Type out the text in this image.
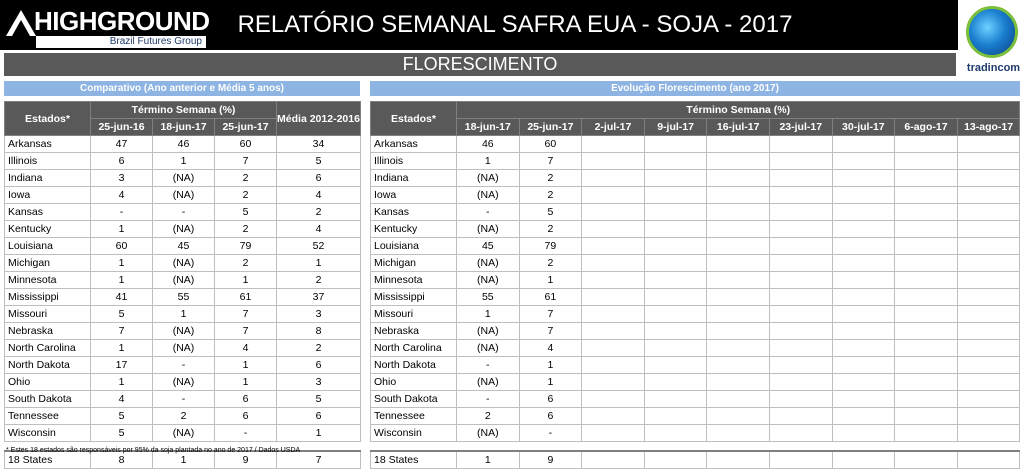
HIGHGROUND
Brazil Futures Group
RELATÓRIO SEMANAL SAFRA EUA - SOJA - 2017
tradincom
FLORESCIMENTO
Comparativo (Ano anterior e Média 5 anos)	Evolução Florescimento (ano 2017)
Estados*	Término Semana (%)			Média 2012-2016
	25-jun-16	18-jun-17	25-jun-17	
Arkansas	47	46	60	34
Illinois	6	1	7	5
Indiana	3	(NA)	2	6
Iowa	4	(NA)	2	4
Kansas	-	-	5	2
Kentucky	1	(NA)	2	4
Louisiana	60	45	79	52
Michigan	1	(NA)	2	1
Minnesota	1	(NA)	1	2
Mississippi	41	55	61	37
Missouri	5	1	7	3
Nebraska	7	(NA)	7	8
North Carolina	1	(NA)	4	2
North Dakota	17	-	1	6
Ohio	1	(NA)	1	3
South Dakota	4	-	6	5
Tennessee	5	2	6	6
Wisconsin	5	(NA)	-	1

18 States	8	1	9	7
Estados*	Término Semana (%)								
	18-jun-17	25-jun-17	2-jul-17	9-jul-17	16-jul-17	23-jul-17	30-jul-17	6-ago-17	13-ago-17
Arkansas	46	60							
Illinois	1	7							
Indiana	(NA)	2							
Iowa	(NA)	2							
Kansas	-	5							
Kentucky	(NA)	2							
Louisiana	45	79							
Michigan	(NA)	2							
Minnesota	(NA)	1							
Mississippi	55	61							
Missouri	1	7							
Nebraska	(NA)	7							
North Carolina	(NA)	4							
North Dakota	-	1							
Ohio	(NA)	1							
South Dakota	-	6							
Tennessee	2	6							
Wisconsin	(NA)	-							

18 States	1	9							
* Estes 18 estados são responsáveis por 95% da soja plantada no ano de 2017 / Dados USDA
